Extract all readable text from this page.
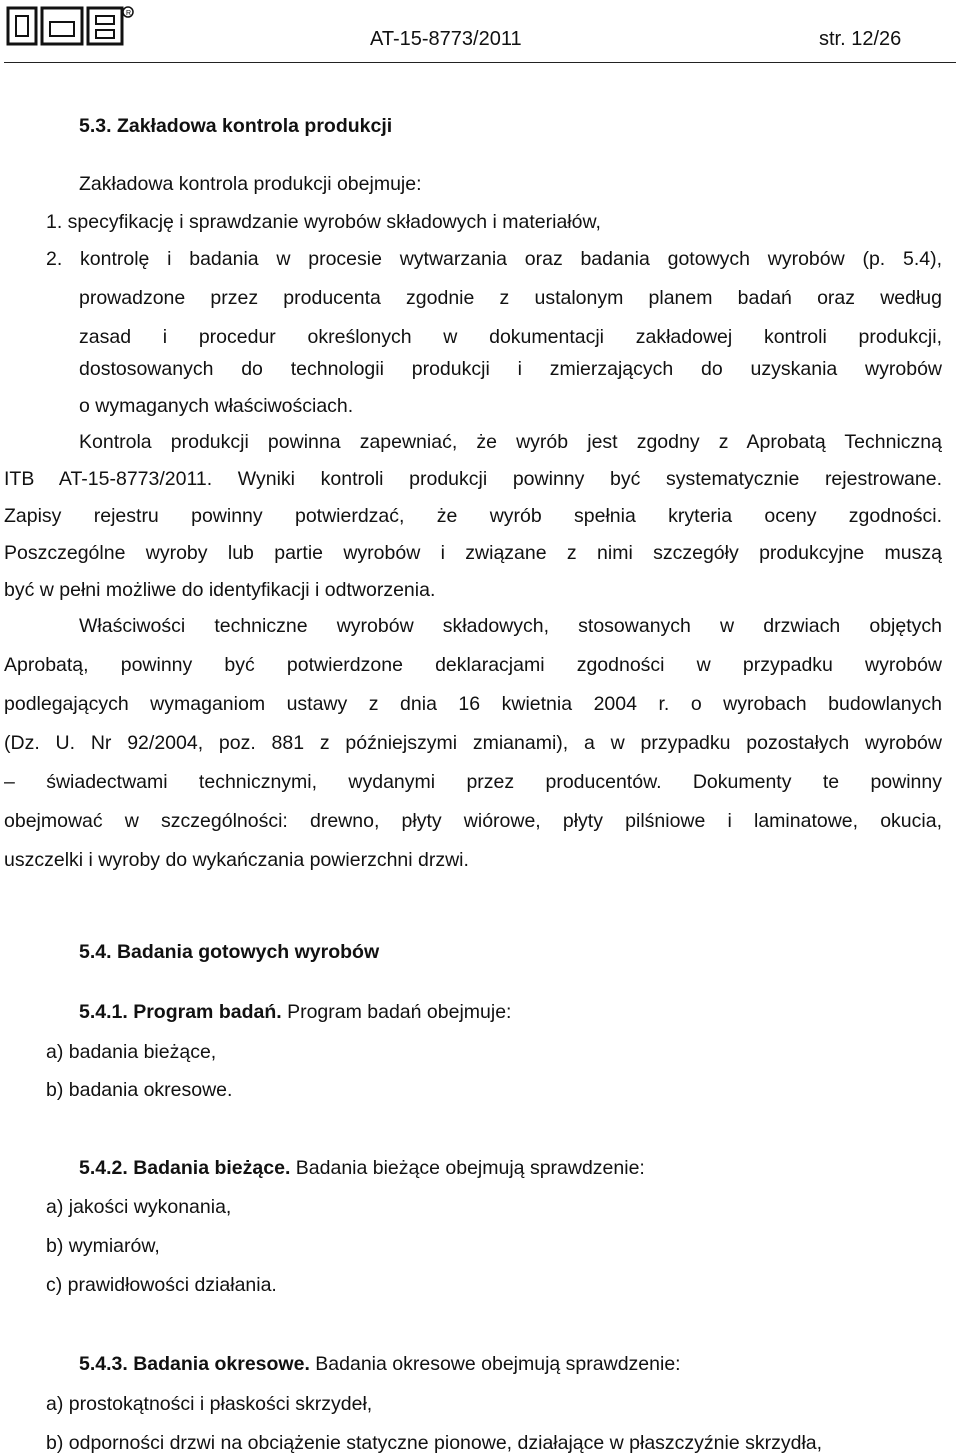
R
AT-15-8773/2011	str. 12/26
5.3. Zakładowa kontrola produkcji
Zakładowa kontrola produkcji obejmuje:
1. specyfikację i sprawdzanie wyrobów składowych i materiałów,
2. kontrolę i badania w procesie wytwarzania oraz badania gotowych wyrobów (p. 5.4),
prowadzone przez producenta zgodnie z ustalonym planem badań oraz według
zasad i procedur określonych w dokumentacji zakładowej kontroli produkcji,
dostosowanych do technologii produkcji i zmierzających do uzyskania wyrobów
o wymaganych właściwościach.
Kontrola produkcji powinna zapewniać, że wyrób jest zgodny z Aprobatą Techniczną
ITB AT-15-8773/2011. Wyniki kontroli produkcji powinny być systematycznie rejestrowane.
Zapisy rejestru powinny potwierdzać, że wyrób spełnia kryteria oceny zgodności.
Poszczególne wyroby lub partie wyrobów i związane z nimi szczegóły produkcyjne muszą
być w pełni możliwe do identyfikacji i odtworzenia.
Właściwości techniczne wyrobów składowych, stosowanych w drzwiach objętych
Aprobatą, powinny być potwierdzone deklaracjami zgodności w przypadku wyrobów
podlegających wymaganiom ustawy z dnia 16 kwietnia 2004 r. o wyrobach budowlanych
(Dz. U. Nr 92/2004, poz. 881 z późniejszymi zmianami), a w przypadku pozostałych wyrobów
– świadectwami technicznymi, wydanymi przez producentów. Dokumenty te powinny
obejmować w szczególności: drewno, płyty wiórowe, płyty pilśniowe i laminatowe, okucia,
uszczelki i wyroby do wykańczania powierzchni drzwi.
5.4. Badania gotowych wyrobów
5.4.1. Program badań. Program badań obejmuje:
a) badania bieżące,
b) badania okresowe.
5.4.2. Badania bieżące. Badania bieżące obejmują sprawdzenie:
a) jakości wykonania,
b) wymiarów,
c) prawidłowości działania.
5.4.3. Badania okresowe. Badania okresowe obejmują sprawdzenie:
a) prostokątności i płaskości skrzydeł,
b) odporności drzwi na obciążenie statyczne pionowe, działające w płaszczyźnie skrzydła,
